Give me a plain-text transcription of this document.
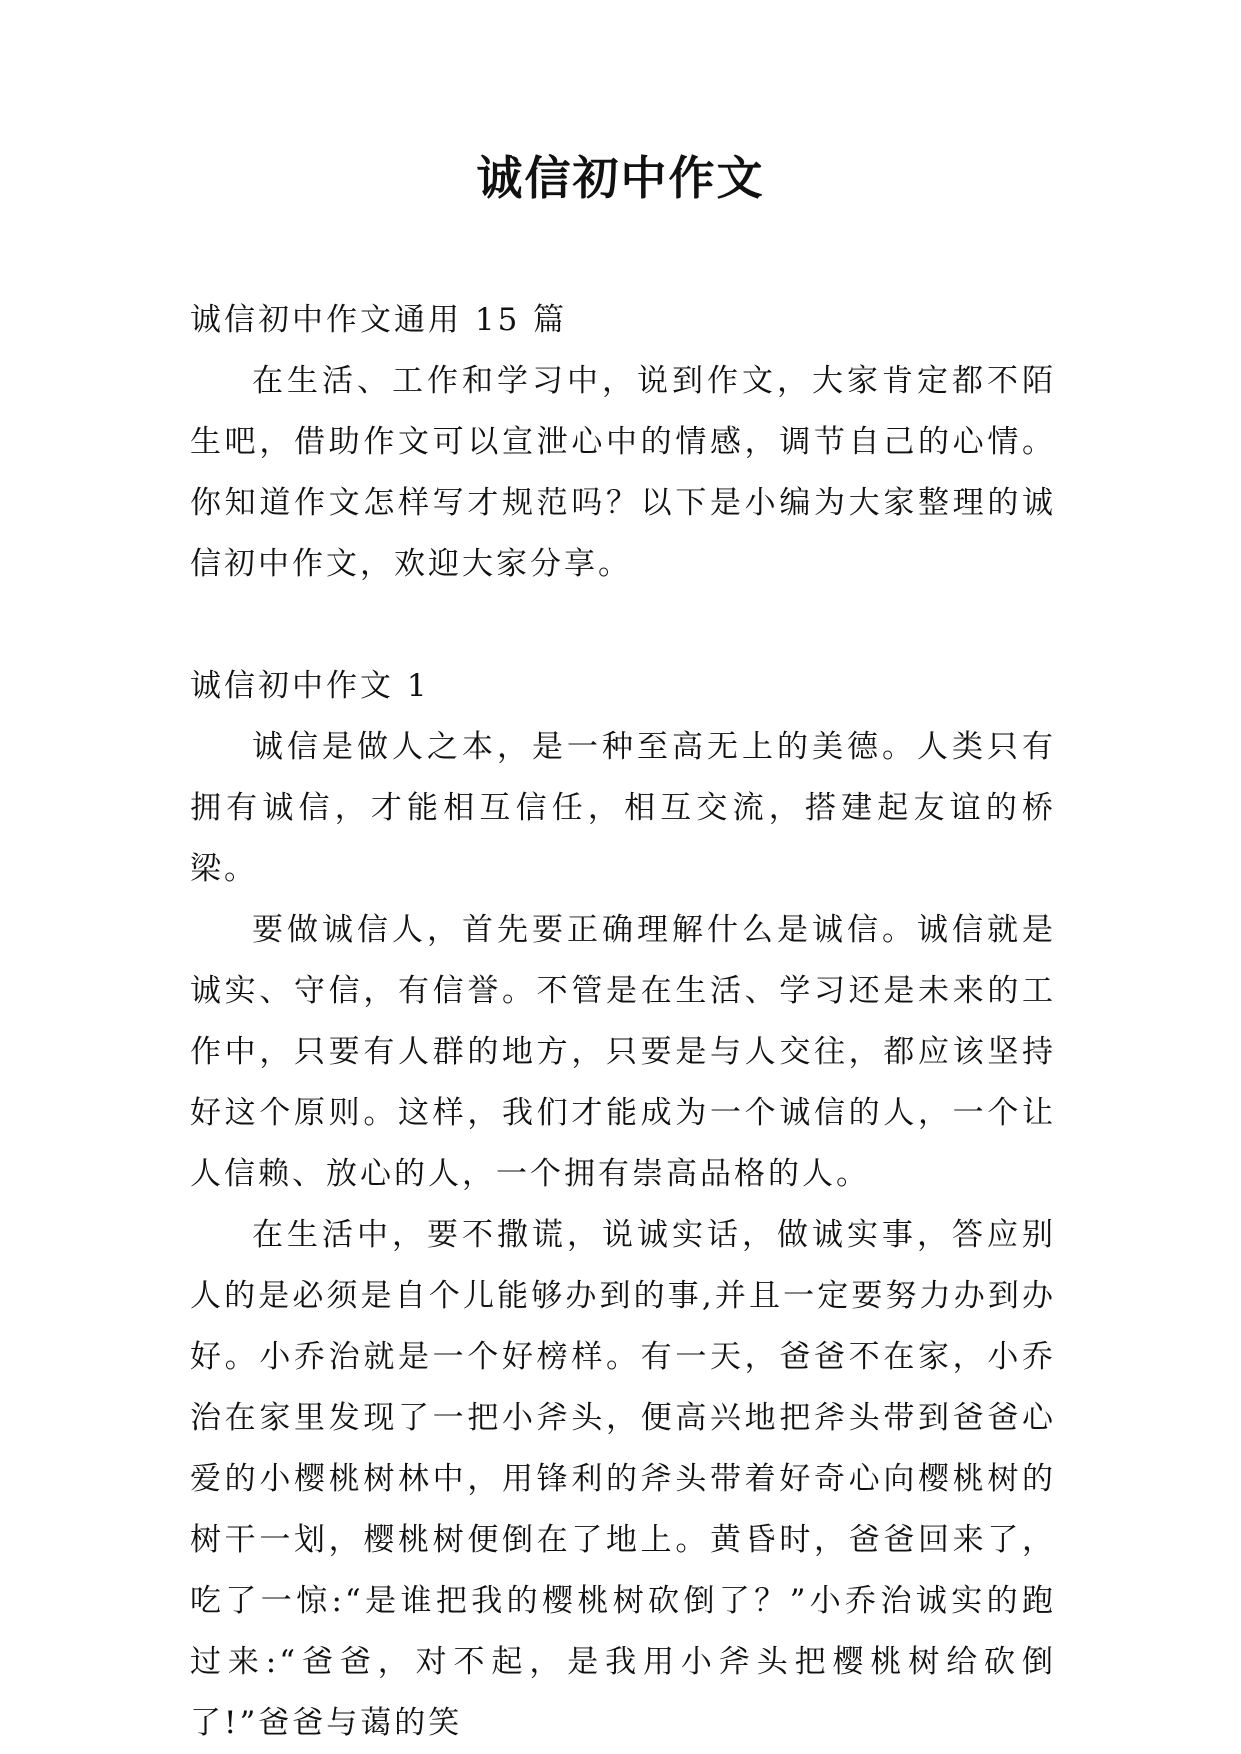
诚信初中作文

诚信初中作文通用 15 篇

在生活、工作和学习中，说到作文，大家肯定都不陌生吧，借助作文可以宣泄心中的情感，调节自己的心情。你知道作文怎样写才规范吗？以下是小编为大家整理的诚信初中作文，欢迎大家分享。

诚信初中作文 1

诚信是做人之本，是一种至高无上的美德。人类只有拥有诚信，才能相互信任，相互交流，搭建起友谊的桥梁。

要做诚信人，首先要正确理解什么是诚信。诚信就是诚实、守信，有信誉。不管是在生活、学习还是未来的工作中，只要有人群的地方，只要是与人交往，都应该坚持好这个原则。这样，我们才能成为一个诚信的人，一个让人信赖、放心的人，一个拥有崇高品格的人。

在生活中，要不撒谎，说诚实话，做诚实事，答应别人的是必须是自个儿能够办到的事,并且一定要努力办到办好。小乔治就是一个好榜样。有一天，爸爸不在家，小乔治在家里发现了一把小斧头，便高兴地把斧头带到爸爸心爱的小樱桃树林中，用锋利的斧头带着好奇心向樱桃树的树干一划，樱桃树便倒在了地上。黄昏时，爸爸回来了，吃了一惊:“是谁把我的樱桃树砍倒了？”小乔治诚实的跑过来:“爸爸，对不起，是我用小斧头把樱桃树给砍倒了!”爸爸与蔼的笑
